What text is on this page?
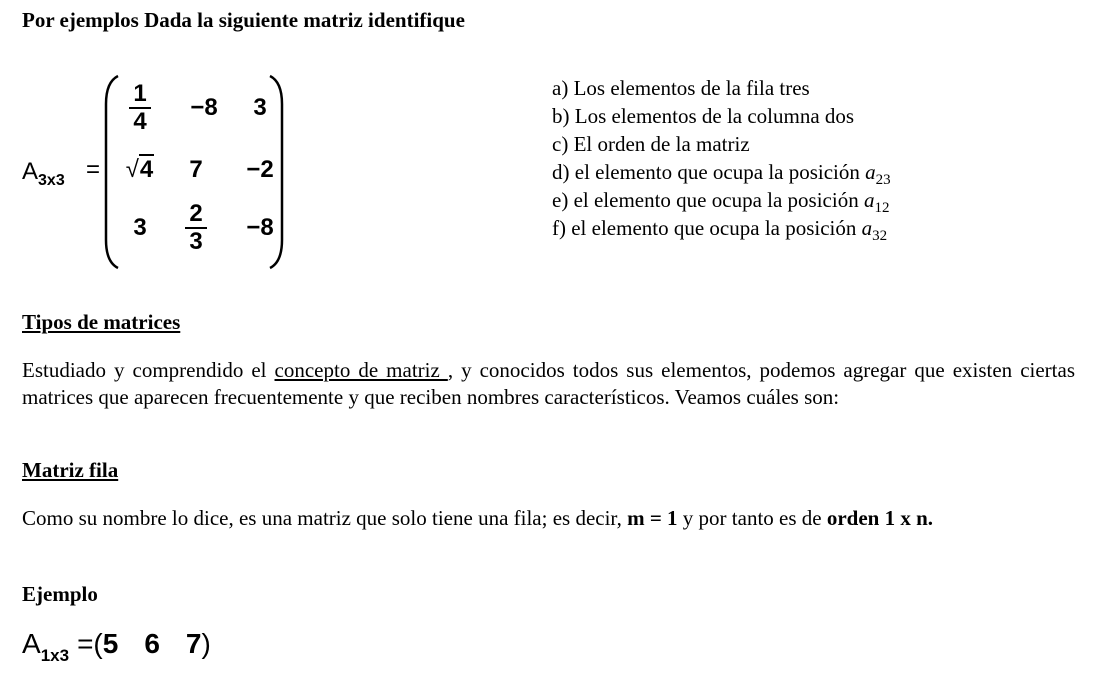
Por ejemplos Dada la siguiente matriz identifique
$A_{3x3}$ =
$\frac{1}{4}$	−8	3
√4	7	−2
3	$\frac{2}{3}$	−8
a) Los elementos de la fila tres
b) Los elementos de la columna dos
c) El orden de la matriz
d) el elemento que ocupa la posición $a_{23}$
e) el elemento que ocupa la posición $a_{12}$
f) el elemento que ocupa la posición $a_{32}$
Tipos de matrices
Estudiado y comprendido el concepto de matriz , y conocidos todos sus elementos, podemos agregar que existen ciertas matrices que aparecen frecuentemente y que reciben nombres característicos. Veamos cuáles son:
Matriz fila
Como su nombre lo dice, es una matriz que solo tiene una fila; es decir, m = 1 y por tanto es de orden 1 x n.
Ejemplo
$A_{1x3} =(5$ 6 7)
